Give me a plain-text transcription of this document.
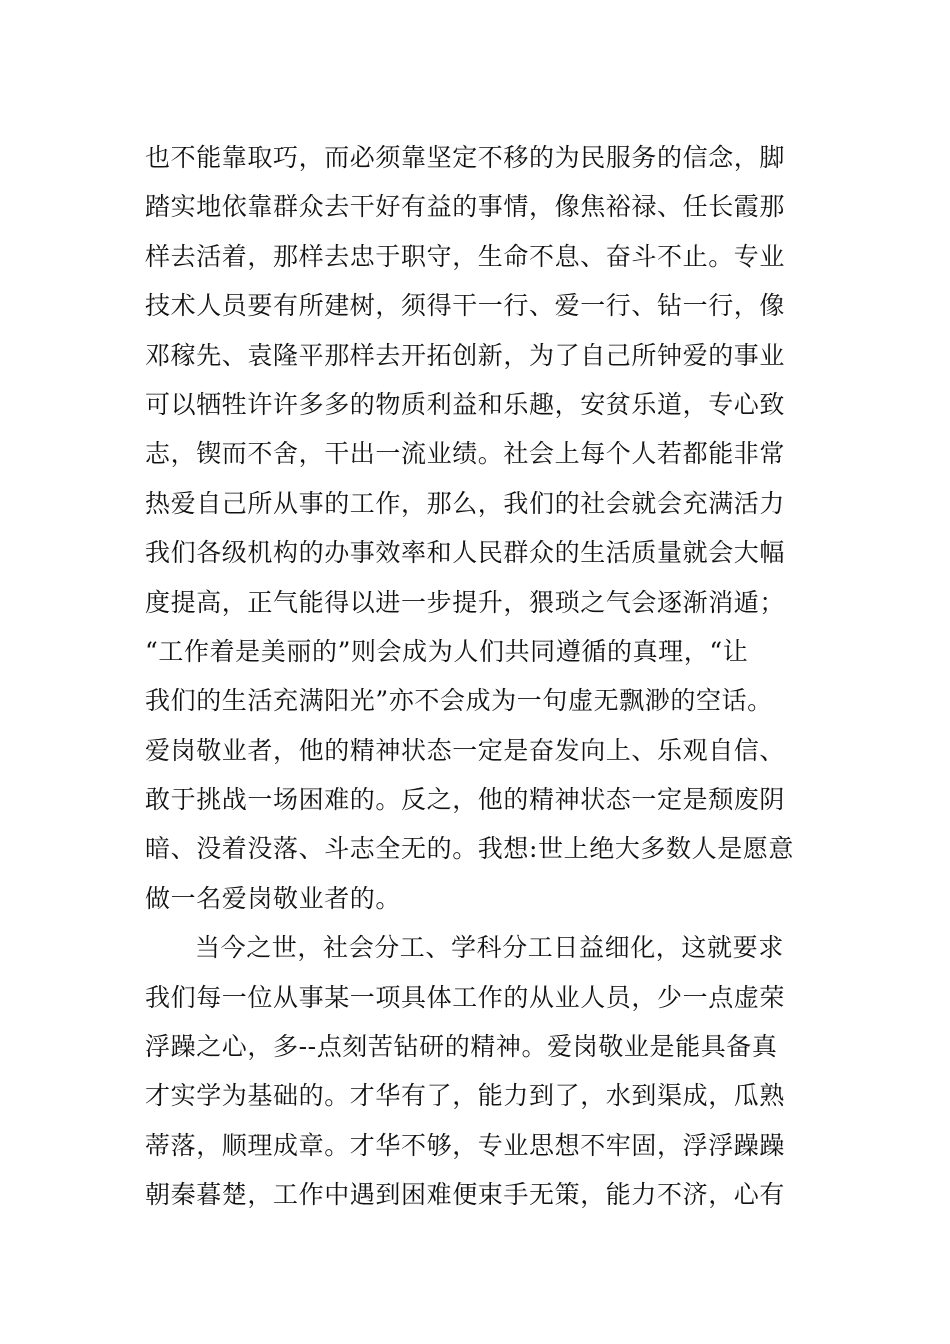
也不能靠取巧，而必须靠坚定不移的为民服务的信念，脚
踏实地依靠群众去干好有益的事情，像焦裕禄、任长霞那
样去活着，那样去忠于职守，生命不息、奋斗不止。专业
技术人员要有所建树，须得干一行、爱一行、钻一行，像
邓稼先、袁隆平那样去开拓创新，为了自己所钟爱的事业
可以牺牲许许多多的物质利益和乐趣，安贫乐道，专心致
志，锲而不舍，干出一流业绩。社会上每个人若都能非常
热爱自己所从事的工作，那么，我们的社会就会充满活力
我们各级机构的办事效率和人民群众的生活质量就会大幅
度提高，正气能得以进一步提升，猥琐之气会逐渐消遁；
“工作着是美丽的”则会成为人们共同遵循的真理，“让
我们的生活充满阳光”亦不会成为一句虚无飘渺的空话。
爱岗敬业者，他的精神状态一定是奋发向上、乐观自信、
敢于挑战一场困难的。反之，他的精神状态一定是颓废阴
暗、没着没落、斗志全无的。我想:世上绝大多数人是愿意
做一名爱岗敬业者的。
当今之世，社会分工、学科分工日益细化，这就要求
我们每一位从事某一项具体工作的从业人员，少一点虚荣
浮躁之心，多--点刻苦钻研的精神。爱岗敬业是能具备真
才实学为基础的。才华有了，能力到了，水到渠成，瓜熟
蒂落，顺理成章。才华不够，专业思想不牢固，浮浮躁躁
朝秦暮楚，工作中遇到困难便束手无策，能力不济，心有
